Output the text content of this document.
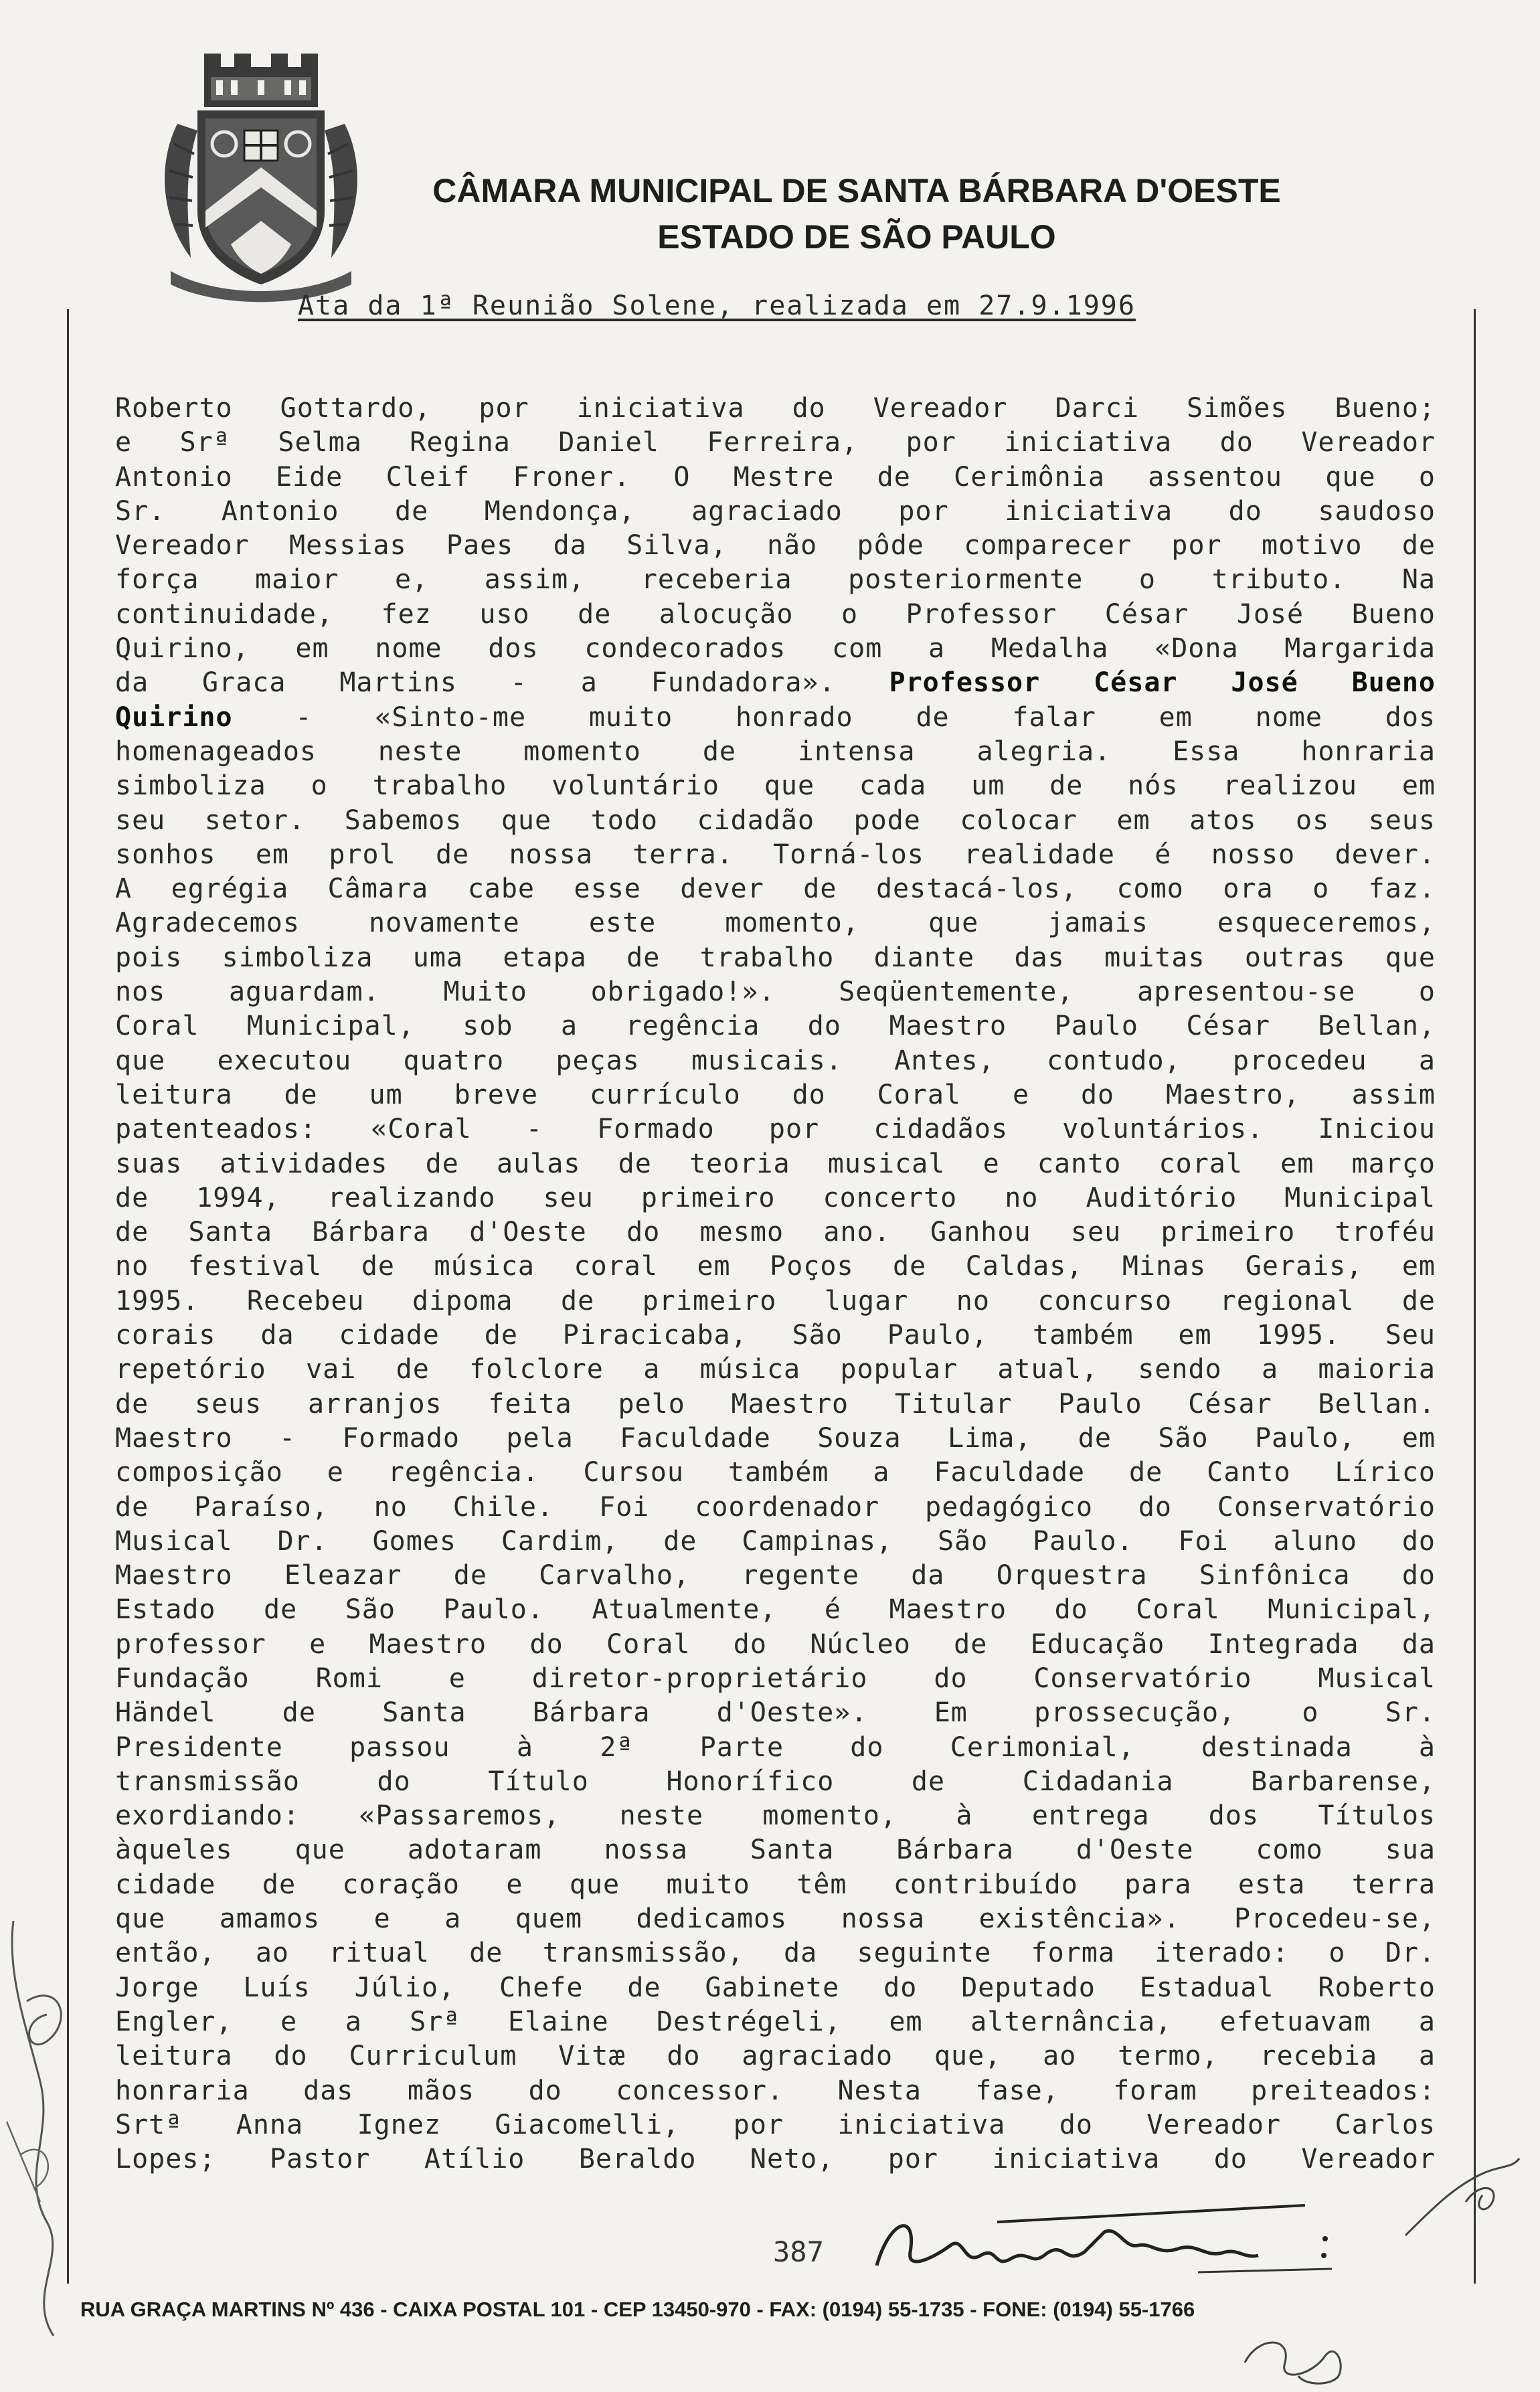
CÂMARA MUNICIPAL DE SANTA BÁRBARA D'OESTE
ESTADO DE SÃO PAULO
Ata da 1ª Reunião Solene, realizada em 27.9.1996
Roberto Gottardo, por iniciativa do Vereador Darci Simões Bueno;
e Srª Selma Regina Daniel Ferreira, por iniciativa do Vereador
Antonio Eide Cleif Froner. O Mestre de Cerimônia assentou que o
Sr. Antonio de Mendonça, agraciado por iniciativa do saudoso
Vereador Messias Paes da Silva, não pôde comparecer por motivo de
força maior e, assim, receberia posteriormente o tributo. Na
continuidade, fez uso de alocução o Professor César José Bueno
Quirino, em nome dos condecorados com a Medalha «Dona Margarida
da Graca Martins - a Fundadora». Professor César José Bueno
Quirino - «Sinto-me muito honrado de falar em nome dos
homenageados neste momento de intensa alegria. Essa honraria
simboliza o trabalho voluntário que cada um de nós realizou em
seu setor. Sabemos que todo cidadão pode colocar em atos os seus
sonhos em prol de nossa terra. Torná-los realidade é nosso dever.
A egrégia Câmara cabe esse dever de destacá-los, como ora o faz.
Agradecemos novamente este momento, que jamais esqueceremos,
pois simboliza uma etapa de trabalho diante das muitas outras que
nos aguardam. Muito obrigado!». Seqüentemente, apresentou-se o
Coral Municipal, sob a regência do Maestro Paulo César Bellan,
que executou quatro peças musicais. Antes, contudo, procedeu a
leitura de um breve currículo do Coral e do Maestro, assim
patenteados: «Coral - Formado por cidadãos voluntários. Iniciou
suas atividades de aulas de teoria musical e canto coral em março
de 1994, realizando seu primeiro concerto no Auditório Municipal
de Santa Bárbara d'Oeste do mesmo ano. Ganhou seu primeiro troféu
no festival de música coral em Poços de Caldas, Minas Gerais, em
1995. Recebeu dipoma de primeiro lugar no concurso regional de
corais da cidade de Piracicaba, São Paulo, também em 1995. Seu
repetório vai de folclore a música popular atual, sendo a maioria
de seus arranjos feita pelo Maestro Titular Paulo César Bellan.
Maestro - Formado pela Faculdade Souza Lima, de São Paulo, em
composição e regência. Cursou também a Faculdade de Canto Lírico
de Paraíso, no Chile. Foi coordenador pedagógico do Conservatório
Musical Dr. Gomes Cardim, de Campinas, São Paulo. Foi aluno do
Maestro Eleazar de Carvalho, regente da Orquestra Sinfônica do
Estado de São Paulo. Atualmente, é Maestro do Coral Municipal,
professor e Maestro do Coral do Núcleo de Educação Integrada da
Fundação Romi e diretor-proprietário do Conservatório Musical
Händel de Santa Bárbara d'Oeste». Em prossecução, o Sr.
Presidente passou à 2ª Parte do Cerimonial, destinada à
transmissão do Título Honorífico de Cidadania Barbarense,
exordiando: «Passaremos, neste momento, à entrega dos Títulos
àqueles que adotaram nossa Santa Bárbara d'Oeste como sua
cidade de coração e que muito têm contribuído para esta terra
que amamos e a quem dedicamos nossa existência». Procedeu-se,
então, ao ritual de transmissão, da seguinte forma iterado: o Dr.
Jorge Luís Júlio, Chefe de Gabinete do Deputado Estadual Roberto
Engler, e a Srª Elaine Destrégeli, em alternância, efetuavam a
leitura do Curriculum Vitæ do agraciado que, ao termo, recebia a
honraria das mãos do concessor. Nesta fase, foram preiteados:
Srtª Anna Ignez Giacomelli, por iniciativa do Vereador Carlos
Lopes; Pastor Atílio Beraldo Neto, por iniciativa do Vereador
387
RUA GRAÇA MARTINS Nº 436 - CAIXA POSTAL 101 - CEP 13450-970 - FAX: (0194) 55-1735 - FONE: (0194) 55-1766
